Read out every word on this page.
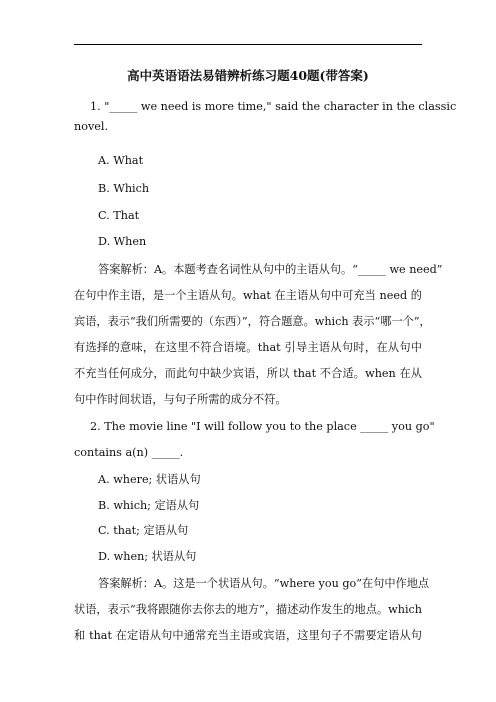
高中英语语法易错辨析练习题40题(带答案)
1. "_____ we need is more time," said the character in the classic
novel.
A. What
B. Which
C. That
D. When
答案解析：A。本题考查名词性从句中的主语从句。“_____ we need”
在句中作主语，是一个主语从句。what 在主语从句中可充当 need 的
宾语，表示“我们所需要的（东西）”，符合题意。which 表示“哪一个”，
有选择的意味，在这里不符合语境。that 引导主语从句时，在从句中
不充当任何成分，而此句中缺少宾语，所以 that 不合适。when 在从
句中作时间状语，与句子所需的成分不符。
2. The movie line "I will follow you to the place _____ you go"
contains a(n) _____.
A. where; 状语从句
B. which; 定语从句
C. that; 定语从句
D. when; 状语从句
答案解析：A。这是一个状语从句。“where you go”在句中作地点
状语，表示“我将跟随你去你去的地方”，描述动作发生的地点。which
和 that 在定语从句中通常充当主语或宾语，这里句子不需要定语从句
